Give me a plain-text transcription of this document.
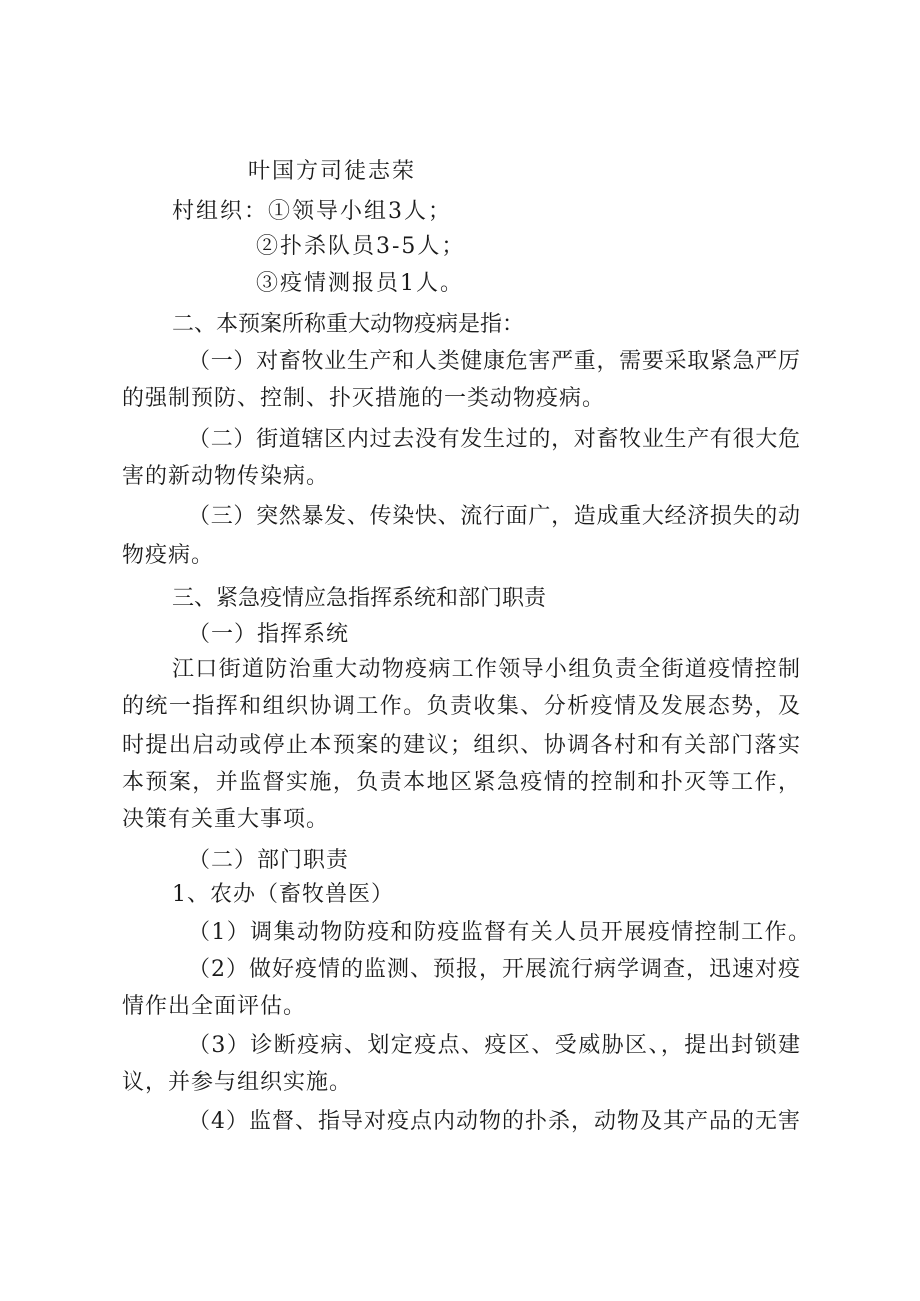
叶国方司徒志荣
村组织：①领导小组3人；
②扑杀队员3-5人；
③疫情测报员1人。
二、本预案所称重大动物疫病是指：
（一）对畜牧业生产和人类健康危害严重，需要采取紧急严厉
的强制预防、控制、扑灭措施的一类动物疫病。
（二）街道辖区内过去没有发生过的，对畜牧业生产有很大危
害的新动物传染病。
（三）突然暴发、传染快、流行面广，造成重大经济损失的动
物疫病。
三、紧急疫情应急指挥系统和部门职责
（一）指挥系统
江口街道防治重大动物疫病工作领导小组负责全街道疫情控制
的统一指挥和组织协调工作。负责收集、分析疫情及发展态势，及
时提出启动或停止本预案的建议；组织、协调各村和有关部门落实
本预案，并监督实施，负责本地区紧急疫情的控制和扑灭等工作，
决策有关重大事项。
（二）部门职责
1、农办（畜牧兽医）
（1）调集动物防疫和防疫监督有关人员开展疫情控制工作。
（2）做好疫情的监测、预报，开展流行病学调查，迅速对疫
情作出全面评估。
（3）诊断疫病、划定疫点、疫区、受威胁区、，提出封锁建
议，并参与组织实施。
（4）监督、指导对疫点内动物的扑杀，动物及其产品的无害
